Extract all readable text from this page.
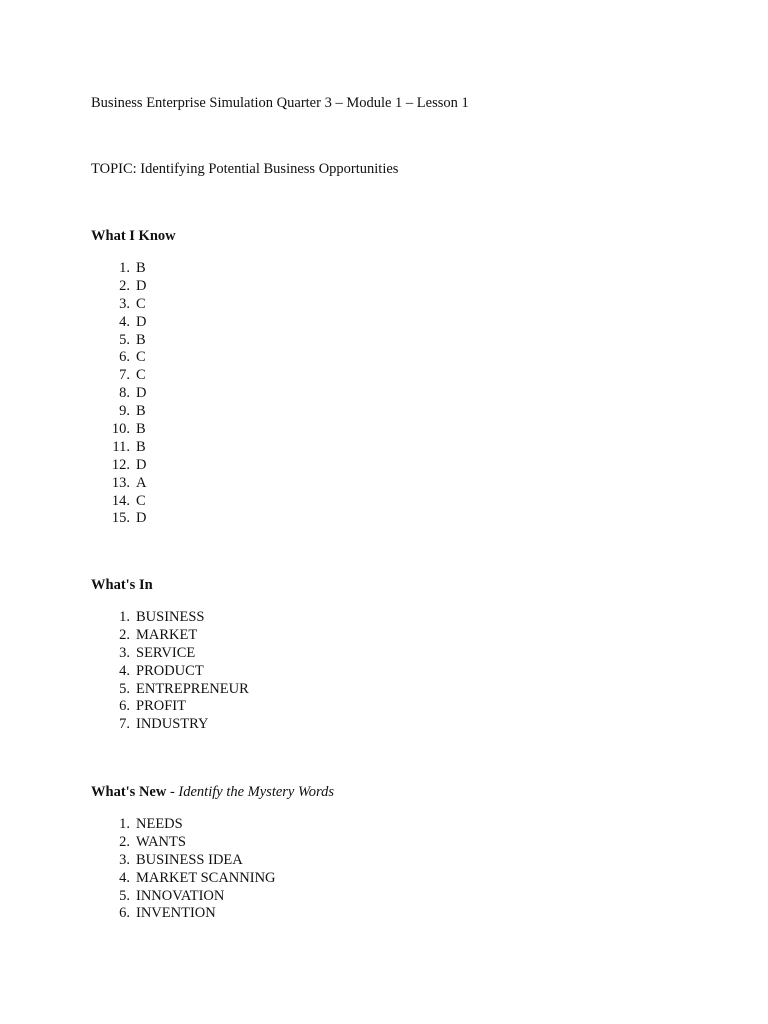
Business Enterprise Simulation Quarter 3 – Module 1 – Lesson 1
TOPIC: Identifying Potential Business Opportunities
What I Know
1. B
2. D
3. C
4. D
5. B
6. C
7. C
8. D
9. B
10. B
11. B
12. D
13. A
14. C
15. D
What's In
1. BUSINESS
2. MARKET
3. SERVICE
4. PRODUCT
5. ENTREPRENEUR
6. PROFIT
7. INDUSTRY
What's New - Identify the Mystery Words
1. NEEDS
2. WANTS
3. BUSINESS IDEA
4. MARKET SCANNING
5. INNOVATION
6. INVENTION
